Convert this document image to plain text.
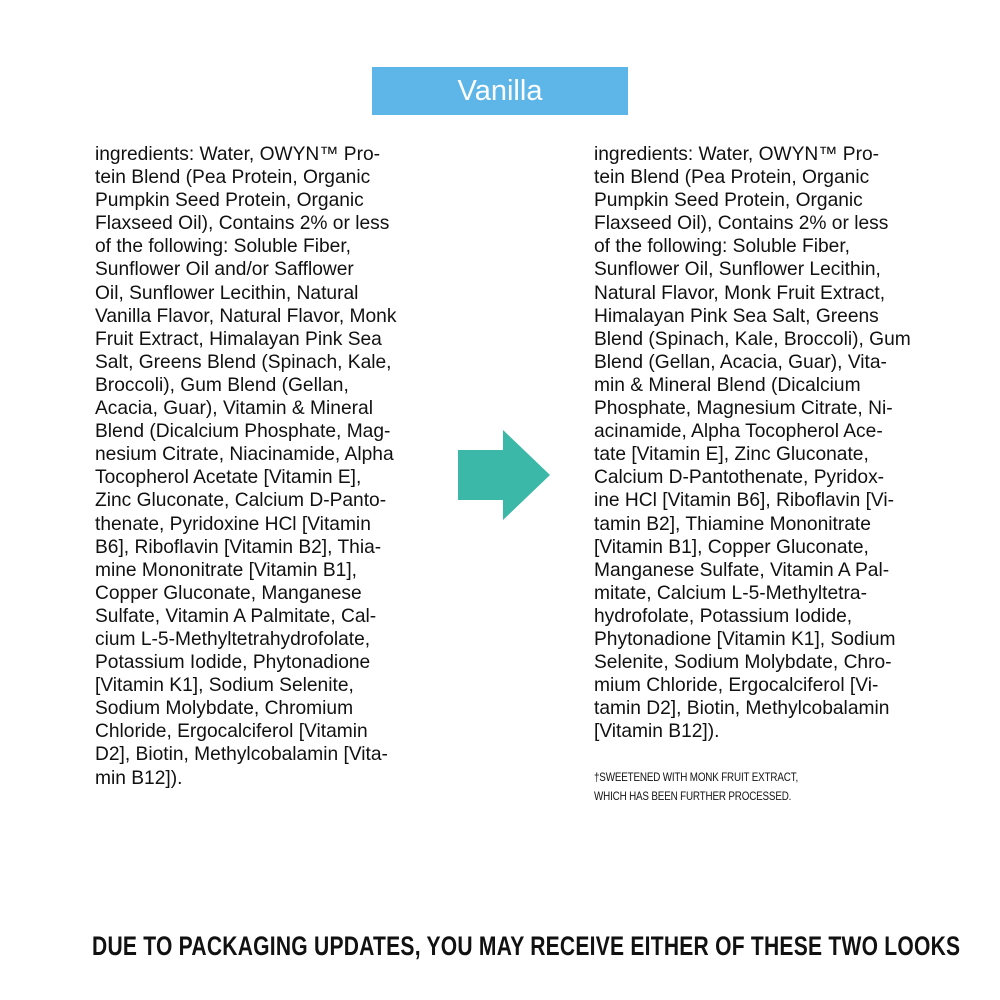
Vanilla

ingredients: Water, OWYN™ Pro-
tein Blend (Pea Protein, Organic
Pumpkin Seed Protein, Organic
Flaxseed Oil), Contains 2% or less
of the following: Soluble Fiber,
Sunflower Oil and/or Safflower
Oil, Sunflower Lecithin, Natural
Vanilla Flavor, Natural Flavor, Monk
Fruit Extract, Himalayan Pink Sea
Salt, Greens Blend (Spinach, Kale,
Broccoli), Gum Blend (Gellan,
Acacia, Guar), Vitamin & Mineral
Blend (Dicalcium Phosphate, Mag-
nesium Citrate, Niacinamide, Alpha
Tocopherol Acetate [Vitamin E],
Zinc Gluconate, Calcium D-Panto-
thenate, Pyridoxine HCl [Vitamin
B6], Riboflavin [Vitamin B2], Thia-
mine Mononitrate [Vitamin B1],
Copper Gluconate, Manganese
Sulfate, Vitamin A Palmitate, Cal-
cium L-5-Methyltetrahydrofolate,
Potassium Iodide, Phytonadione
[Vitamin K1], Sodium Selenite,
Sodium Molybdate, Chromium
Chloride, Ergocalciferol [Vitamin
D2], Biotin, Methylcobalamin [Vita-
min B12]).

ingredients: Water, OWYN™ Pro-
tein Blend (Pea Protein, Organic
Pumpkin Seed Protein, Organic
Flaxseed Oil), Contains 2% or less
of the following: Soluble Fiber,
Sunflower Oil, Sunflower Lecithin,
Natural Flavor, Monk Fruit Extract,
Himalayan Pink Sea Salt, Greens
Blend (Spinach, Kale, Broccoli), Gum
Blend (Gellan, Acacia, Guar), Vita-
min & Mineral Blend (Dicalcium
Phosphate, Magnesium Citrate, Ni-
acinamide, Alpha Tocopherol Ace-
tate [Vitamin E], Zinc Gluconate,
Calcium D-Pantothenate, Pyridox-
ine HCl [Vitamin B6], Riboflavin [Vi-
tamin B2], Thiamine Mononitrate
[Vitamin B1], Copper Gluconate,
Manganese Sulfate, Vitamin A Pal-
mitate, Calcium L-5-Methyltetra-
hydrofolate, Potassium Iodide,
Phytonadione [Vitamin K1], Sodium
Selenite, Sodium Molybdate, Chro-
mium Chloride, Ergocalciferol [Vi-
tamin D2], Biotin, Methylcobalamin
[Vitamin B12]).

†SWEETENED WITH MONK FRUIT EXTRACT,
WHICH HAS BEEN FURTHER PROCESSED.

DUE TO PACKAGING UPDATES, YOU MAY RECEIVE EITHER OF THESE TWO LOOKS
